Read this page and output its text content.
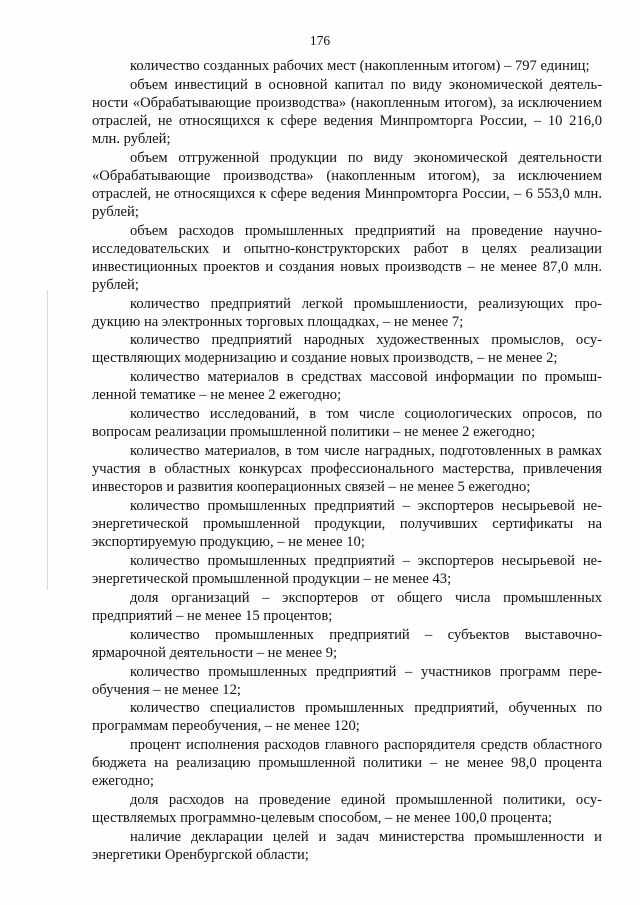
176

количество созданных рабочих мест (накопленным итогом) – 797 единиц;

объем инвестиций в основной капитал по виду экономической деятельности «Обрабатывающие производства» (накопленным итогом), за исключением отраслей, не относящихся к сфере ведения Минпромторга России, – 10 216,0 млн. рублей;

объем отгруженной продукции по виду экономической деятельности «Обрабатывающие производства» (накопленным итогом), за исключением отраслей, не относящихся к сфере ведения Минпромторга России, – 6 553,0 млн. рублей;

объем расходов промышленных предприятий на проведение научно-исследовательских и опытно-конструкторских работ в целях реализации инвестиционных проектов и создания новых производств – не менее 87,0 млн. рублей;

количество предприятий легкой промышлениости, реализующих продукцию на электронных торговых площадках, – не менее 7;

количество предприятий народных художественных промыслов, осуществляющих модернизацию и создание новых производств, – не менее 2;

количество материалов в средствах массовой информации по промышленной тематике – не менее 2 ежегодно;

количество исследований, в том числе социологических опросов, по вопросам реализации промышленной политики – не менее 2 ежегодно;

количество материалов, в том числе наградных, подготовленных в рамках участия в областных конкурсах профессионального мастерства, привлечения инвесторов и развития кооперационных связей – не менее 5 ежегодно;

количество промышленных предприятий – экспортеров несырьевой неэнергетической промышленной продукции, получивших сертификаты на экспортируемую продукцию, – не менее 10;

количество промышленных предприятий – экспортеров несырьевой неэнергетической промышленной продукции – не менее 43;

доля организаций – экспортеров от общего числа промышленных предприятий – не менее 15 процентов;

количество промышленных предприятий – субъектов выставочно-ярмарочной деятельности – не менее 9;

количество промышленных предприятий – участников программ переобучения – не менее 12;

количество специалистов промышленных предприятий, обученных по программам переобучения, – не менее 120;

процент исполнения расходов главного распорядителя средств областного бюджета на реализацию промышленной политики – не менее 98,0 процента ежегодно;

доля расходов на проведение единой промышленной политики, осуществляемых программно-целевым способом, – не менее 100,0 процента;

наличие декларации целей и задач министерства промышленности и энергетики Оренбургской области;
